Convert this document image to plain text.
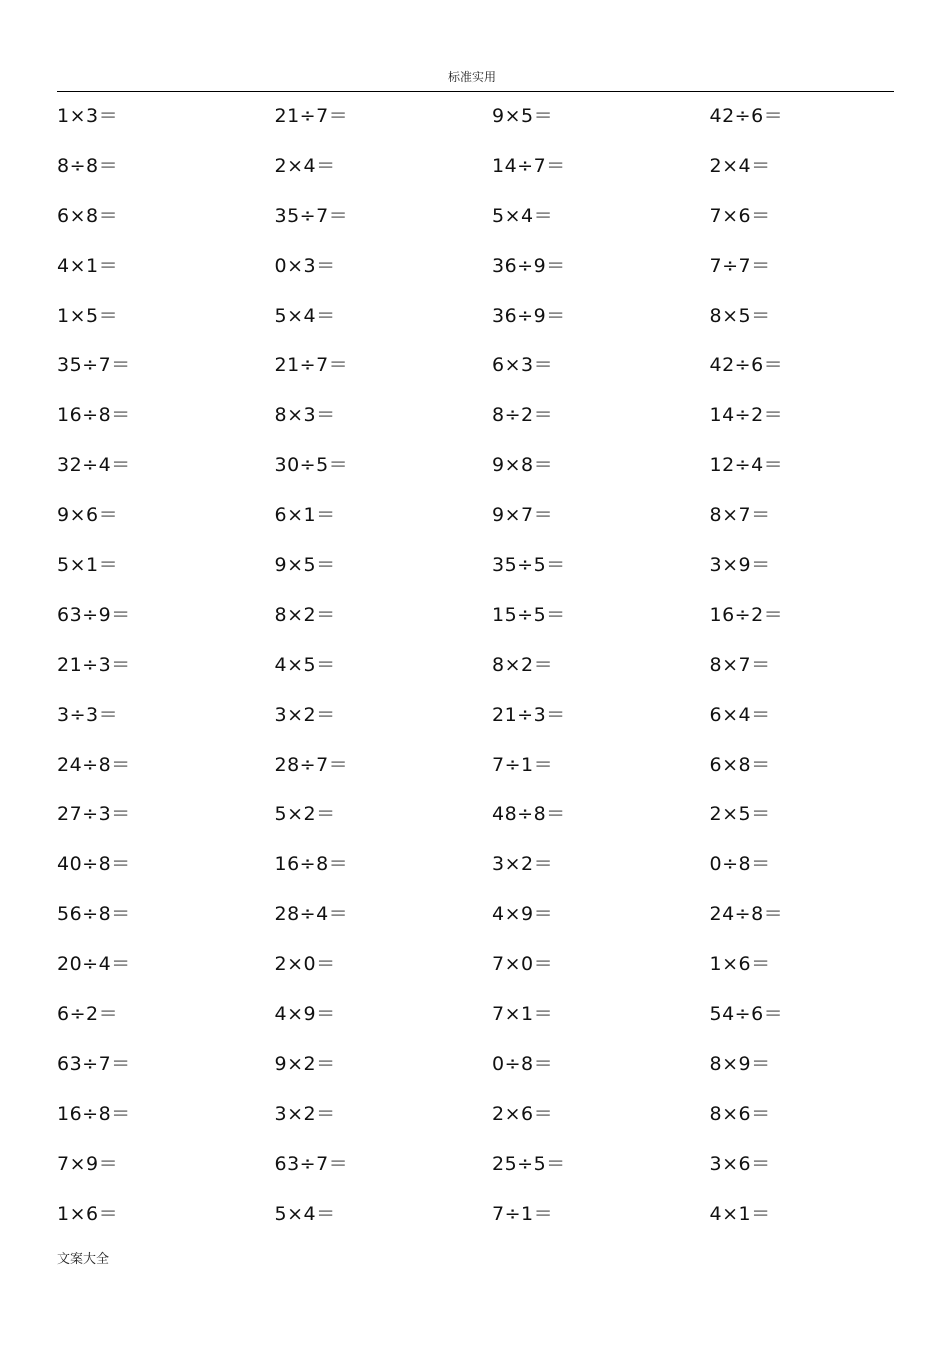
标准实用
1×3＝	21÷7＝	9×5＝	42÷6＝
8÷8＝	2×4＝	14÷7＝	2×4＝
6×8＝	35÷7＝	5×4＝	7×6＝
4×1＝	0×3＝	36÷9＝	7÷7＝
1×5＝	5×4＝	36÷9＝	8×5＝
35÷7＝	21÷7＝	6×3＝	42÷6＝
16÷8＝	8×3＝	8÷2＝	14÷2＝
32÷4＝	30÷5＝	9×8＝	12÷4＝
9×6＝	6×1＝	9×7＝	8×7＝
5×1＝	9×5＝	35÷5＝	3×9＝
63÷9＝	8×2＝	15÷5＝	16÷2＝
21÷3＝	4×5＝	8×2＝	8×7＝
3÷3＝	3×2＝	21÷3＝	6×4＝
24÷8＝	28÷7＝	7÷1＝	6×8＝
27÷3＝	5×2＝	48÷8＝	2×5＝
40÷8＝	16÷8＝	3×2＝	0÷8＝
56÷8＝	28÷4＝	4×9＝	24÷8＝
20÷4＝	2×0＝	7×0＝	1×6＝
6÷2＝	4×9＝	7×1＝	54÷6＝
63÷7＝	9×2＝	0÷8＝	8×9＝
16÷8＝	3×2＝	2×6＝	8×6＝
7×9＝	63÷7＝	25÷5＝	3×6＝
1×6＝	5×4＝	7÷1＝	4×1＝
文案大全
